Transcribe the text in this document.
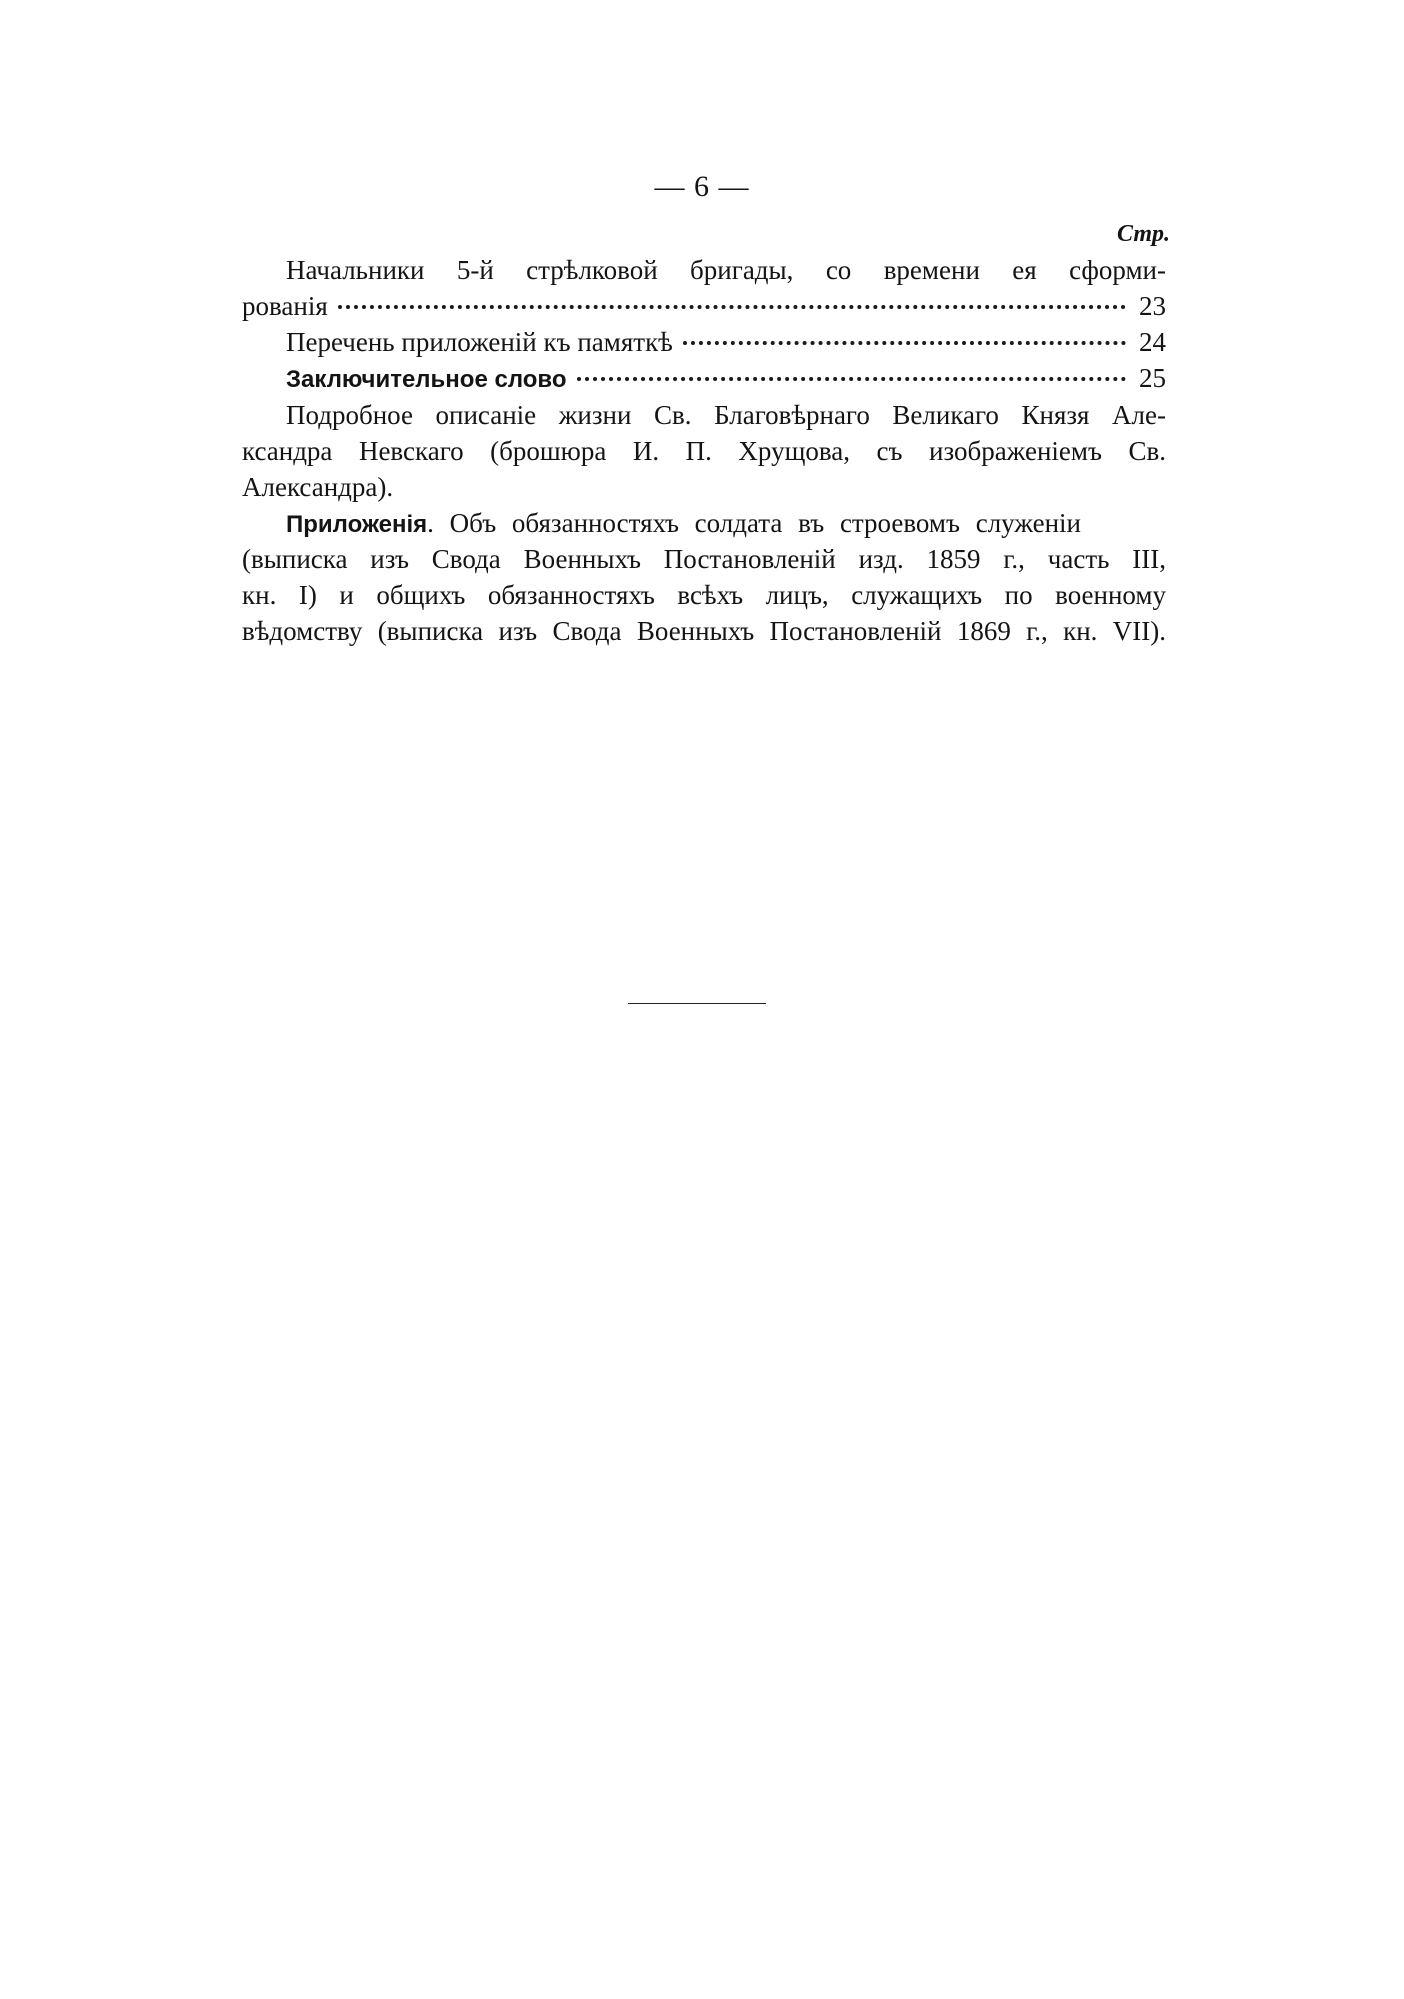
— 6 —
Стр.
Начальники 5-й стрѣлковой бригады, со времени ея сформи-
рованія	23
Перечень приложеній къ памяткѣ	24
Заключительное слово	25
Подробное описаніе жизни Св. Благовѣрнаго Великаго Князя Але-
ксандра Невскаго (брошюра И. П. Хрущова, съ изображеніемъ Св.
Александра).
Приложенія. Объ обязанностяхъ солдата въ строевомъ служеніи
(выписка изъ Свода Военныхъ Постановленій изд. 1859 г., часть III,
кн. I) и общихъ обязанностяхъ всѣхъ лицъ, служащихъ по военному
вѣдомству (выписка изъ Свода Военныхъ Постановленій 1869 г., кн. VII).
